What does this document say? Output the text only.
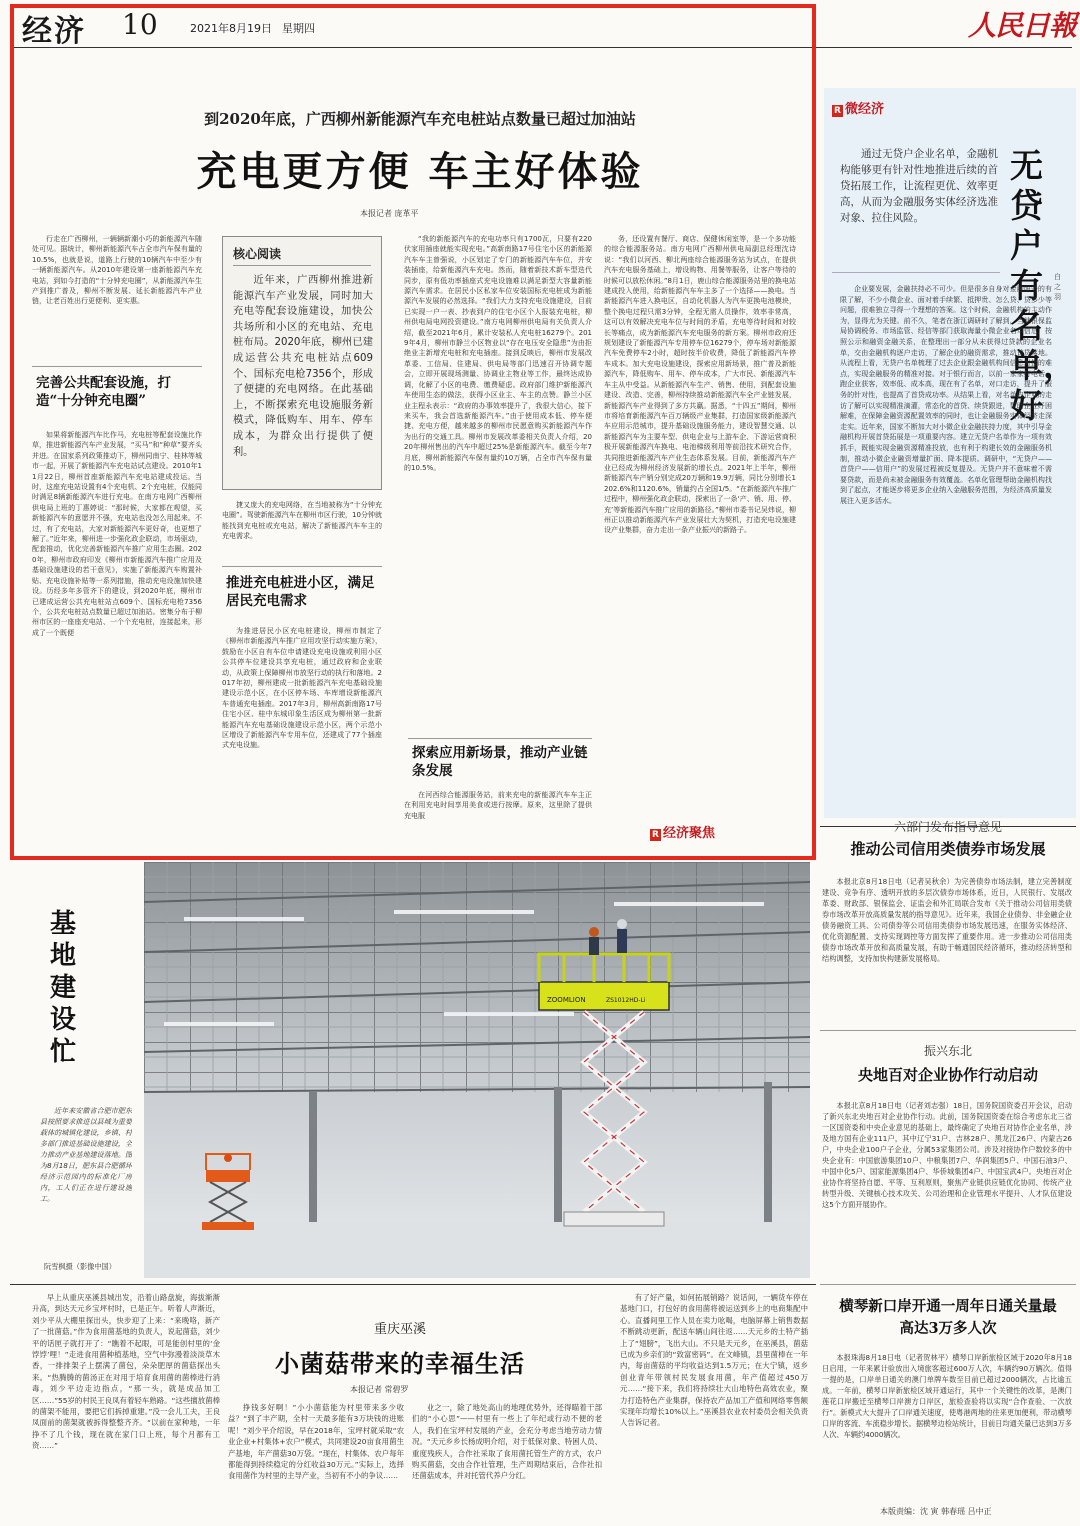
经济 10	2021年8月19日 星期四	人民日報
到2020年底，广西柳州新能源汽车充电桩站点数量已超过加油站
充电更方便 车主好体验
本报记者 庞革平

行走在广西柳州，一辆辆新潮小巧的新能源汽车随处可见。据统计，柳州新能源汽车占全市汽车保有量的10.5%，也就是说，道路上行驶的10辆汽车中至少有一辆新能源汽车。从2010年建设第一座新能源汽车充电站，到如今打造的“十分钟充电圈”，从新能源汽车生产到推广普及，柳州不断发展、延长新能源汽车产业链，让老百姓出行更便利、更实惠。

完善公共配套设施，打造“十分钟充电圈”

如果将新能源汽车比作马，充电桩等配套设施比作草，推进新能源汽车产业发展，“买马”和“种草”要齐头并进。在国家系列政策推动下，柳州同南宁、桂林等城市一起，开展了新能源汽车充电站试点建设。2010年11月22日，柳州首座新能源汽车充电站建成投运。当时，这座充电站设置有4个充电机、2个充电桩，仅能同时满足8辆新能源汽车进行充电。在南方电网广西柳州供电局上班的丁惠婷说：“那时候，大家都在观望，买新能源汽车的意愿并不强，充电站也没怎么用起来。不过，有了充电站，大家对新能源汽车更好奇，也更想了解了。”近年来，柳州进一步强化政企联动，市场驱动，配套推动，优化完善新能源汽车推广应用生态圈。2020年，柳州市政府印发《柳州市新能源汽车推广应用及基础设施建设的若干意见》，实施了新能源汽车购置补贴、充电设施补贴等一系列措施，推动充电设施加快建设。历经多年多管齐下的建设，到2020年底，柳州市已建成运营公共充电桩站点609个、国标充电枪7356个，公共充电桩站点数量已超过加油站。密集分布于柳州市区的一座座充电站、一个个充电桩，连接起来，形成了一个既便

核心阅读
近年来，广西柳州推进新能源汽车产业发展，同时加大充电等配套设施建设，加快公共场所和小区的充电站、充电桩布局。2020年底，柳州已建成运营公共充电桩站点609个、国标充电枪7356个，形成了便捷的充电网络。在此基础上，不断探索充电设施服务新模式，降低购车、用车、停车成本，为群众出行提供了便利。

捷又庞大的充电网络，在当地被称为“十分钟充电圈”。驾驶新能源汽车在柳州市区行驶，10分钟就能找到充电桩或充电站，解决了新能源汽车车主的充电需求。

推进充电桩进小区，满足居民充电需求

为推进居民小区充电桩建设，柳州市制定了《柳州市新能源汽车推广应用攻坚行动实施方案》，鼓励在小区自有车位申请建设充电设施或利用小区公共停车位建设共享充电桩，通过政府和企业联动，从政策上保障柳州市放坚行动的执行和落地。2017年初，柳州建成一批新能源汽车充电基础设施建设示范小区，在小区停车场、车库增设新能源汽车普通充电插座。2017年3月，柳州高新南路17号住宅小区、桂中东城印象生活区成为柳州第一批新能源汽车充电基础设施建设示范小区，两个示范小区增设了新能源汽车专用车位，还建成了77个插座式充电设施。

“我的新能源汽车的充电功率只有1700瓦，只要有220伏家用插座就能实现充电。”高新南路17号住宅小区的新能源汽车车主曾强说，小区划定了专门的新能源汽车车位，并安装插座，给新能源汽车充电。然而，随着新技术新车型迭代同步，原有低功率插座式充电设施难以满足新型大容量新能源汽车需求。在居民小区私家车位安装国标充电桩成为新能源汽车发展的必然选择。“我们大力支持充电设施建设，目前已实现一户一表、抄表到户的住宅小区个人报装充电桩，柳州供电局电网投资建设。”南方电网柳州供电局有关负责人介绍，截至2021年6月，累计安装私人充电桩16279个。2019年4月，柳州市静兰小区物业以“存在电压安全隐患”为由拒绝业主新增充电桩和充电插座。接到反映后，柳州市发展改革委、工信局、住建局、供电局等部门迅速召开协调专题会，立即开展现场测量、协调业主物业等工作，最终达成协调，化解了小区的电费、缴费疑虑。政府部门维护新能源汽车使用生态的做法，获得小区业主、车主的点赞。静兰小区业主程永表示：“政府的办事效率提升了，我很大信心，接下来买车，我会首选新能源汽车。”由于使用成本低、停车便捷、充电方便，越来越多的柳州市民愿意购买新能源汽车作为出行的交通工具。柳州市发展改革委相关负责人介绍，2020年柳州售出的汽车中超过25%是新能源汽车。截至今年7月底，柳州新能源汽车保有量约10万辆，占全市汽车保有量的10.5%。

探索应用新场景，推动产业链条发展

在河西综合能源服务站，前来充电的新能源汽车车主正在利用充电时间享用美食或进行按摩。原来，这里除了提供充电服

务，还设置有餐厅、商店、保健休闲室等，是一个多功能的综合能源服务站。南方电网广西柳州供电局副总经理沈诗说：“我们以河西、柳北两座综合能源服务站为试点，在提供汽车充电服务基础上，增设购物、用餐等服务，让客户等待的时候可以放松休闲。”8月1日，鹿山综合能源服务站里的换电站建成投入使用，给新能源汽车车主多了一个选择——换电。当新能源汽车进入换电区，自动化机器人为汽车更换电池模块，整个换电过程只需3分钟，全程无需人员操作，效率非常高，这可以有效解决充电车位与时间的矛盾，充电等待时间和对较长等痛点，成为新能源汽车充电服务的新方案。柳州市政府还规划建设了新能源汽车专用停车位16279个，停车场对新能源汽车免费停车2小时，超时按半价收费，降低了新能源汽车停车成本。加大充电设施建设，探索应用新场景，推广普及新能源汽车，降低购车、用车、停车成本，广大市民、新能源汽车车主从中受益。从新能源汽车生产、销售、使用，到配套设施建设、改造、完善，柳州持续推动新能源汽车全产业链发展，新能源汽车产业得到了多方共赢。据悉，“十四五”期间，柳州市将培育新能源汽车百万辆级产业集群，打造国家级新能源汽车应用示范城市，提升基础设施服务能力，建设智慧交通、以新能源汽车为主要车型、供电企业与上游车企、下游运营商积极开展新能源汽车换电、电池梯级利用等前沿技术研究合作，共同推进新能源汽车产业生态体系发展。目前，新能源汽车产业已经成为柳州经济发展新的增长点。2021年上半年，柳州新能源汽车产销分别完成20万辆和19.9万辆，同比分别增长1202.6%和1120.6%，销量约占全国1/5。“在新能源汽车推广过程中，柳州强化政企联动，探索出了一条‘产、销、用、停、充’等新能源汽车推广应用的新路径。”柳州市委书记吴炜说，柳州正以推动新能源汽车产业发展壮大为契机，打造充电设施建设产业集群，奋力走出一条产业振兴的新路子。

R 经济聚焦
R 微经济
通过无贷户企业名单，金融机构能够更有针对性地推进后续的首贷拓展工作，让流程更优、效率更高，从而为金融服务实体经济选准对象、拉住风险。
无贷户有名单，好
白之羽

企业要发展，金融扶持必不可少。但是很多自身对金融服务的有限了解，不少小微企业、面对着手续繁、抵押贵、怎么贷、贷多少等问题，很难独立寻得一个理想的答案。这个时候，金融机构的主动作为，显得尤为关键。前不久，笔者在浙江调研时了解到，当地银保监局协调税务、市场监管、经信等部门获取海量小微企业名单信息，按照公示和融资金融关系，在整理出一部分从未获得过贷款的企业名单，交由金融机构逐户走访，了解企业的融资需求，推动首贷落地。从流程上看，无贷户名单梳理了过去企业跟金融机构间信息对接的难点，实现金融服务的精准对接。对于银行而言，以前一家家打电话、跑企业获客，效率低、成本高，现在有了名单，对口走访，提升了服务的针对性，也提高了首贷成功率。从结果上看，对名单内企业的走访了解可以实现精准滴灌，常态化的首贷、续贷跟进，帮助企业纾困解难，在保障金融资源配置效率的同时，也让金融服务实体经济走深走实。近年来，国家不断加大对小微企业金融扶持力度，其中引导金融机构开展首贷拓展是一项重要内容。建立无贷户名单作为一项有效抓手，既能实现金融资源精准投放，也有利于构建长效的金融服务机制，推动小微企业融资增量扩面、降本提质。调研中，“无贷户——首贷户——信用户”的发展过程被反复提及。无贷户并不意味着不需要贷款，而是尚未被金融服务有效覆盖。名单化管理帮助金融机构找到了起点，才能逐步将更多企业纳入金融服务范围，为经济高质量发展注入更多活水。

基地建设忙

近年来安徽省合肥市肥东县按照要求推进以县城为重要载体的城镇化建设，乡镇、村多部门推进基础设施建设，全力推动产业基地建设落地。图为8月18日，肥东县合肥循环经济示范园内的标准化厂房内，工人们正在进行建设施工。

阮雪枫摄（影像中国）
ZOOMLION	ZS1012HD-Li
六部门发布指导意见
推动公司信用类债券市场发展

本报北京8月18日电（记者吴秋余）为完善债券市场法制，建立完善制度建设、竞争有序、透明开放的多层次债券市场体系，近日，人民银行、发展改革委、财政部、银保监会、证监会和外汇局联合发布《关于推动公司信用类债券市场改革开放高质量发展的指导意见》。近年来，我国企业债券、非金融企业债务融资工具、公司债券等公司信用类债券市场发展迅速，在服务实体经济、优化资源配置、支持实现调控等方面发挥了重要作用。进一步推动公司信用类债券市场改革开放和高质量发展，有助于畅通国民经济循环，推动经济转型和结构调整，支持加快构建新发展格局。

振兴东北
央地百对企业协作行动启动

本报北京8月18日电（记者刘志强）18日，国务院国资委召开会议，启动了新兴东北央地百对企业协作行动。此前，国务院国资委在综合考虑东北三省一区国资委和中央企业意见的基础上，最终确定了央地百对协作企业名单，涉及地方国有企业111户，其中辽宁31户、吉林28户、黑龙江26户、内蒙古26户，中央企业100户子企业，分属53家集团公司。涉及对接协作户数较多的中央企业有：中国旅游集团10户、中粮集团7户、华润集团5户、中国石油3户、中国中化5户、国家能源集团4户、华侨城集团4户、中国宝武4户。央地百对企业协作将坚持自愿、平等、互利原则，聚焦产业链供应链优化协同、传统产业转型升级、关键核心技术攻关、公司治理和企业管理水平提升、人才队伍建设这5个方面开展协作。

横琴新口岸开通一周年日通关量最高达3万多人次

本报珠海8月18日电（记者贺林平）横琴口岸新旅检区域于2020年8月18日启用，一年来累计验放出入境旅客超过600万人次，车辆约90万辆次。值得一提的是，口岸单日通关的澳门单牌车数至目前已超过2000辆次，占比逾五成。一年前，横琴口岸新旅检区域开通运行，其中一个关键性的改革，是澳门莲花口岸搬迁至横琴口岸澳方口岸区，旅检查验将以实现“合作查验、一次放行”。新模式大大提升了口岸通关速度，使粤港两地的往来更加便利，带动横琴口岸的客流、车流稳步增长。据横琴边检站统计，目前日均通关量已达到3万多人次、车辆约4000辆次。

早上从重庆巫溪县城出发，沿着山路盘旋，海拔渐渐升高，到达天元乡宝坪村时，已是正午。听着人声渐近，刘少平从大棚里探出头，快步迎了上来：“来晚咯，新产了一批菌菇。”作为食用菌基地的负责人，说起菌菇，刘少平的话匣子就打开了：“瞧着不起眼，可是能创村里的‘金饽饽’哩！”走进食用菌种植基地，空气中弥漫着淡淡草木香，一排排架子上摆满了菌包，朵朵肥厚的菌菇探出头来。“热腾腾的菌汤正在对用于培育食用菌的菌棒进行消毒，刘少平边走边指点，“那一头，就是成品加工区……”55岁的村民王良凤有着轻车熟路。“这些擅放菌棒的菌架不能用，要把它们拆掉重建。”没一会儿工夫，王良凤面前的菌架就被拆得整整齐齐。“以前在家种地，一年挣不了几个钱，现在就在家门口上班，每个月都有工资……”

重庆巫溪
小菌菇带来的幸福生活
本报记者 常碧罗

挣钱多好啊！”小小菌菇能为村里带来多少收益？“到了丰产期，全村一天最多能有3万块钱的进账呢！”刘少平介绍说，早在2018年，宝坪村就采取“农业企业+村集体+农户”模式，共同建设20亩食用菌生产基地，年产菌菇30万袋。“现在，村集体、农户每年都能得到持续稳定的分红收益30万元。”实际上，选择食用菌作为村里的主导产业，当初有不小的争议……

业之一，除了地处高山的地理优势外，还得瞄着干部们的“小心思”——村里有一些上了年纪或行动不便的老人，我们在宝坪村发展的产业，会充分考虑当地劳动力情况。“天元乡乡长杨成明介绍，对于低保对象、特困人员、重度残疾人，合作社采取了食用菌托管生产的方式，农户购买菌菇，交由合作社管理，生产周期结束后，合作社扣还菌菇成本，并对托管代养户分红。

有了好产量，如何拓展销路？说话间，一辆货车停在基地门口，打包好的食用菌将被运送到乡上的电商集配中心。直播间里工作人员在卖力吆喝，电脑屏幕上销售数据不断跳动更新，配送车辆山间往返……天元乡的土特产插上了“翅膀”，飞出大山。不只是天元乡，在巫溪县，菌菇已成为乡亲们的“致富密码”。在文峰镇，县里菌棒在一年内，每亩菌菇的平均收益达到1.5万元；在大宁镇，返乡创业青年带领村民发展食用菌，年产值超过450万元……“接下来，我们将持续壮大山地特色高效农业，聚力打造特色产业集群，保持农产品加工产值和网络零售额实现年均增长10%以上。”巫溪县农业农村委员会相关负责人告诉记者。

本版责编：沈 寅 韩春瑶 吕中正
